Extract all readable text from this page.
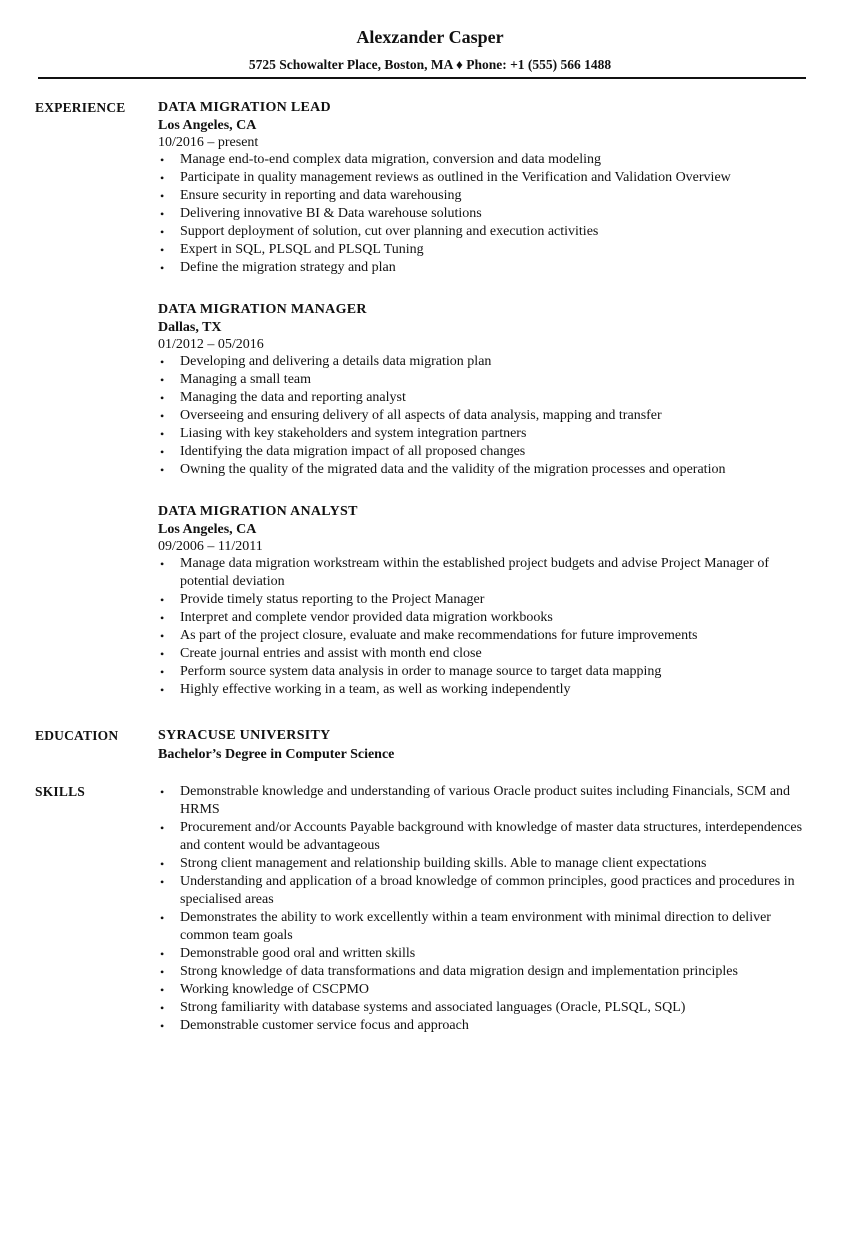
Alexzander Casper
5725 Schowalter Place, Boston, MA ♦ Phone: +1 (555) 566 1488
EXPERIENCE DATA MIGRATION LEAD
Los Angeles, CA
10/2016 – present
• Manage end-to-end complex data migration, conversion and data modeling
• Participate in quality management reviews as outlined in the Verification and Validation Overview
• Ensure security in reporting and data warehousing
• Delivering innovative BI & Data warehouse solutions
• Support deployment of solution, cut over planning and execution activities
• Expert in SQL, PLSQL and PLSQL Tuning
• Define the migration strategy and plan
DATA MIGRATION MANAGER
Dallas, TX
01/2012 – 05/2016
• Developing and delivering a details data migration plan
• Managing a small team
• Managing the data and reporting analyst
• Overseeing and ensuring delivery of all aspects of data analysis, mapping and transfer
• Liasing with key stakeholders and system integration partners
• Identifying the data migration impact of all proposed changes
• Owning the quality of the migrated data and the validity of the migration processes and operation
DATA MIGRATION ANALYST
Los Angeles, CA
09/2006 – 11/2011
• Manage data migration workstream within the established project budgets and advise Project Manager of potential deviation
• Provide timely status reporting to the Project Manager
• Interpret and complete vendor provided data migration workbooks
• As part of the project closure, evaluate and make recommendations for future improvements
• Create journal entries and assist with month end close
• Perform source system data analysis in order to manage source to target data mapping
• Highly effective working in a team, as well as working independently
EDUCATION	SYRACUSE UNIVERSITY
Bachelor’s Degree in Computer Science
SKILLS	• Demonstrable knowledge and understanding of various Oracle product suites including Financials, SCM and HRMS
• Procurement and/or Accounts Payable background with knowledge of master data structures, interdependences and content would be advantageous
• Strong client management and relationship building skills. Able to manage client expectations
• Understanding and application of a broad knowledge of common principles, good practices and procedures in specialised areas
• Demonstrates the ability to work excellently within a team environment with minimal direction to deliver common team goals
• Demonstrable good oral and written skills
• Strong knowledge of data transformations and data migration design and implementation principles
• Working knowledge of CSCPMO
• Strong familiarity with database systems and associated languages (Oracle, PLSQL, SQL)
• Demonstrable customer service focus and approach
